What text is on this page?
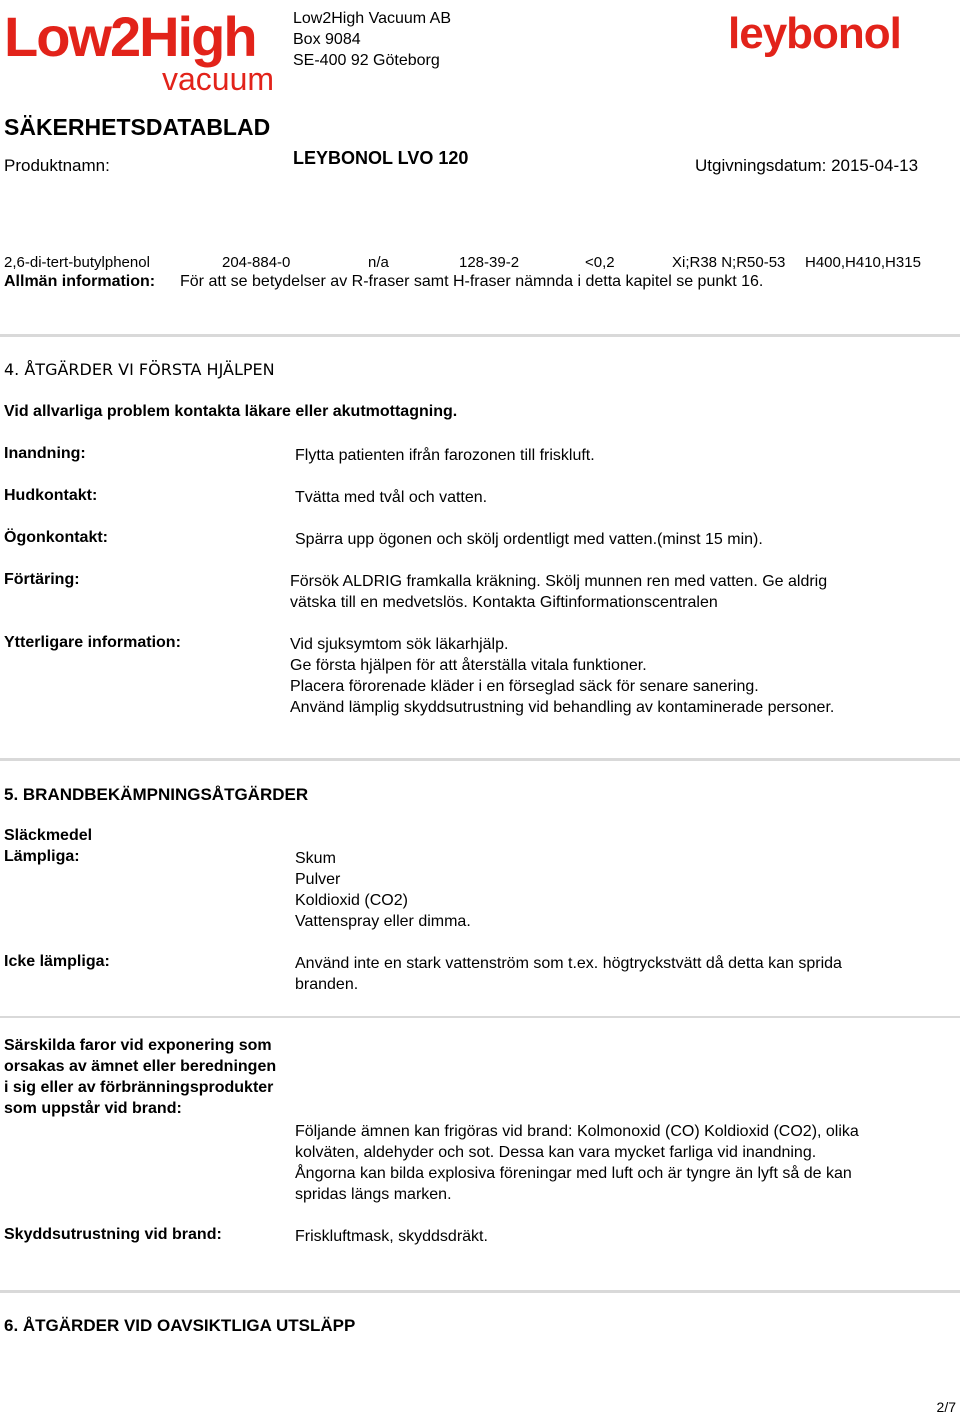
Low2High
vacuum
leybonol
Low2High Vacuum AB
Box 9084
SE-400 92 Göteborg
SÄKERHETSDATABLAD
Produktnamn:	LEYBONOL LVO 120	Utgivningsdatum: 2015-04-13
2,6-di-tert-butylphenol	204-884-0	n/a	128-39-2	<0,2	Xi;R38 N;R50-53 H400,H410,H315
Allmän information: För att se betydelser av R-fraser samt H-fraser nämnda i detta kapitel se punkt 16.
4. ÅTGÄRDER VI FÖRSTA HJÄLPEN
Vid allvarliga problem kontakta läkare eller akutmottagning.
Inandning:	Flytta patienten ifrån farozonen till friskluft.
Hudkontakt:	Tvätta med tvål och vatten.
Ögonkontakt:	Spärra upp ögonen och skölj ordentligt med vatten.(minst 15 min).
Förtäring:	Försök ALDRIG framkalla kräkning. Skölj munnen ren med vatten. Ge aldrig
vätska till en medvetslös. Kontakta Giftinformationscentralen
Ytterligare information:	Vid sjuksymtom sök läkarhjälp.
Ge första hjälpen för att återställa vitala funktioner.
Placera förorenade kläder i en förseglad säck för senare sanering.
Använd lämplig skyddsutrustning vid behandling av kontaminerade personer.
5. BRANDBEKÄMPNINGSÅTGÄRDER
Släckmedel
Lämpliga:	Skum
Pulver
Koldioxid (CO2)
Vattenspray eller dimma.
Icke lämpliga:	Använd inte en stark vattenström som t.ex. högtryckstvätt då detta kan sprida
branden.
Särskilda faror vid exponering som
orsakas av ämnet eller beredningen
i sig eller av förbränningsprodukter
som uppstår vid brand:
Följande ämnen kan frigöras vid brand: Kolmonoxid (CO) Koldioxid (CO2), olika
kolväten, aldehyder och sot. Dessa kan vara mycket farliga vid inandning.
Ångorna kan bilda explosiva föreningar med luft och är tyngre än lyft så de kan
spridas längs marken.
Skyddsutrustning vid brand:	Friskluftmask, skyddsdräkt.
6. ÅTGÄRDER VID OAVSIKTLIGA UTSLÄPP
2/7
